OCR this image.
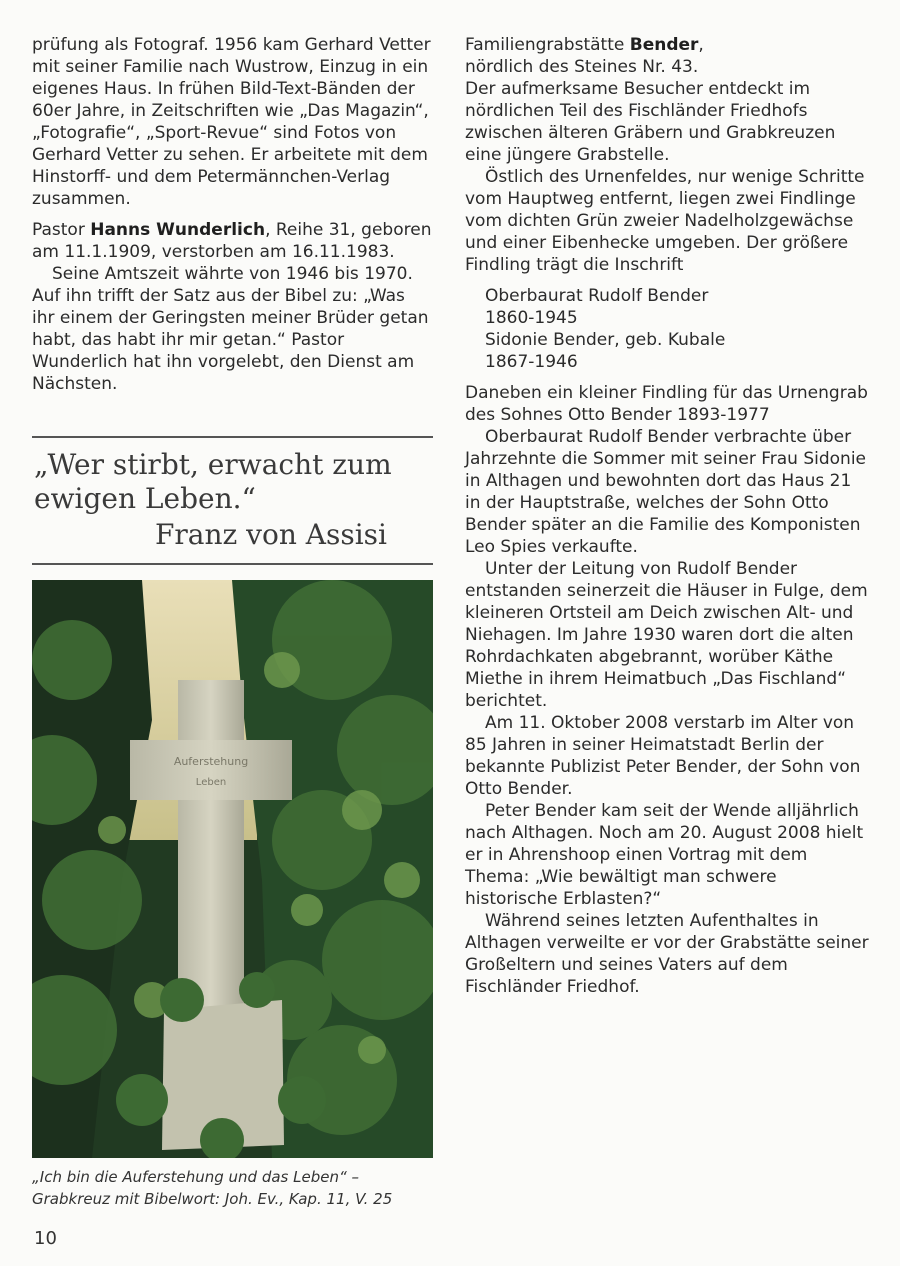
prüfung als Fotograf. 1956 kam Gerhard Vetter mit seiner Familie nach Wustrow, Einzug in ein eigenes Haus. In frühen Bild-Text-Bänden der 60er Jahre, in Zeitschriften wie „Das Magazin“, „Fotografie“, „Sport-Revue“ sind Fotos von Gerhard Vetter zu sehen. Er arbeitete mit dem Hinstorff- und dem Petermännchen-Verlag zusammen.

Pastor Hanns Wunderlich, Reihe 31, geboren am 11.1.1909, verstorben am 16.11.1983.

Seine Amtszeit währte von 1946 bis 1970. Auf ihn trifft der Satz aus der Bibel zu: „Was ihr einem der Geringsten meiner Brüder getan habt, das habt ihr mir getan.“ Pastor Wunderlich hat ihn vorgelebt, den Dienst am Nächsten.

„Wer stirbt, erwacht zum ewigen Leben.“
Franz von Assisi
Auferstehung
Leben
„Ich bin die Auferstehung und das Leben“ –
Grabkreuz mit Bibelwort: Joh. Ev., Kap. 11, V. 25
10

Familiengrabstätte Bender,

nördlich des Steines Nr. 43.

Der aufmerksame Besucher entdeckt im nördlichen Teil des Fischländer Friedhofs zwischen älteren Gräbern und Grabkreuzen eine jüngere Grabstelle.

Östlich des Urnenfeldes, nur wenige Schritte vom Hauptweg entfernt, liegen zwei Findlinge vom dichten Grün zweier Nadelholzgewächse und einer Eibenhecke umgeben. Der größere Findling trägt die Inschrift

Oberbaurat Rudolf Bender
1860-1945
Sidonie Bender, geb. Kubale
1867-1946

Daneben ein kleiner Findling für das Urnengrab des Sohnes Otto Bender 1893-1977

Oberbaurat Rudolf Bender verbrachte über Jahrzehnte die Sommer mit seiner Frau Sidonie in Althagen und bewohnten dort das Haus 21 in der Hauptstraße, welches der Sohn Otto Bender später an die Familie des Komponisten Leo Spies verkaufte.

Unter der Leitung von Rudolf Bender entstanden seinerzeit die Häuser in Fulge, dem kleineren Ortsteil am Deich zwischen Alt- und Niehagen. Im Jahre 1930 waren dort die alten Rohrdachkaten abgebrannt, worüber Käthe Miethe in ihrem Heimatbuch „Das Fischland“ berichtet.

Am 11. Oktober 2008 verstarb im Alter von 85 Jahren in seiner Heimatstadt Berlin der bekannte Publizist Peter Bender, der Sohn von Otto Bender.

Peter Bender kam seit der Wende alljährlich nach Althagen. Noch am 20. August 2008 hielt er in Ahrenshoop einen Vortrag mit dem Thema: „Wie bewältigt man schwere historische Erblasten?“

Während seines letzten Aufenthaltes in Althagen verweilte er vor der Grabstätte seiner Großeltern und seines Vaters auf dem Fischländer Friedhof.
